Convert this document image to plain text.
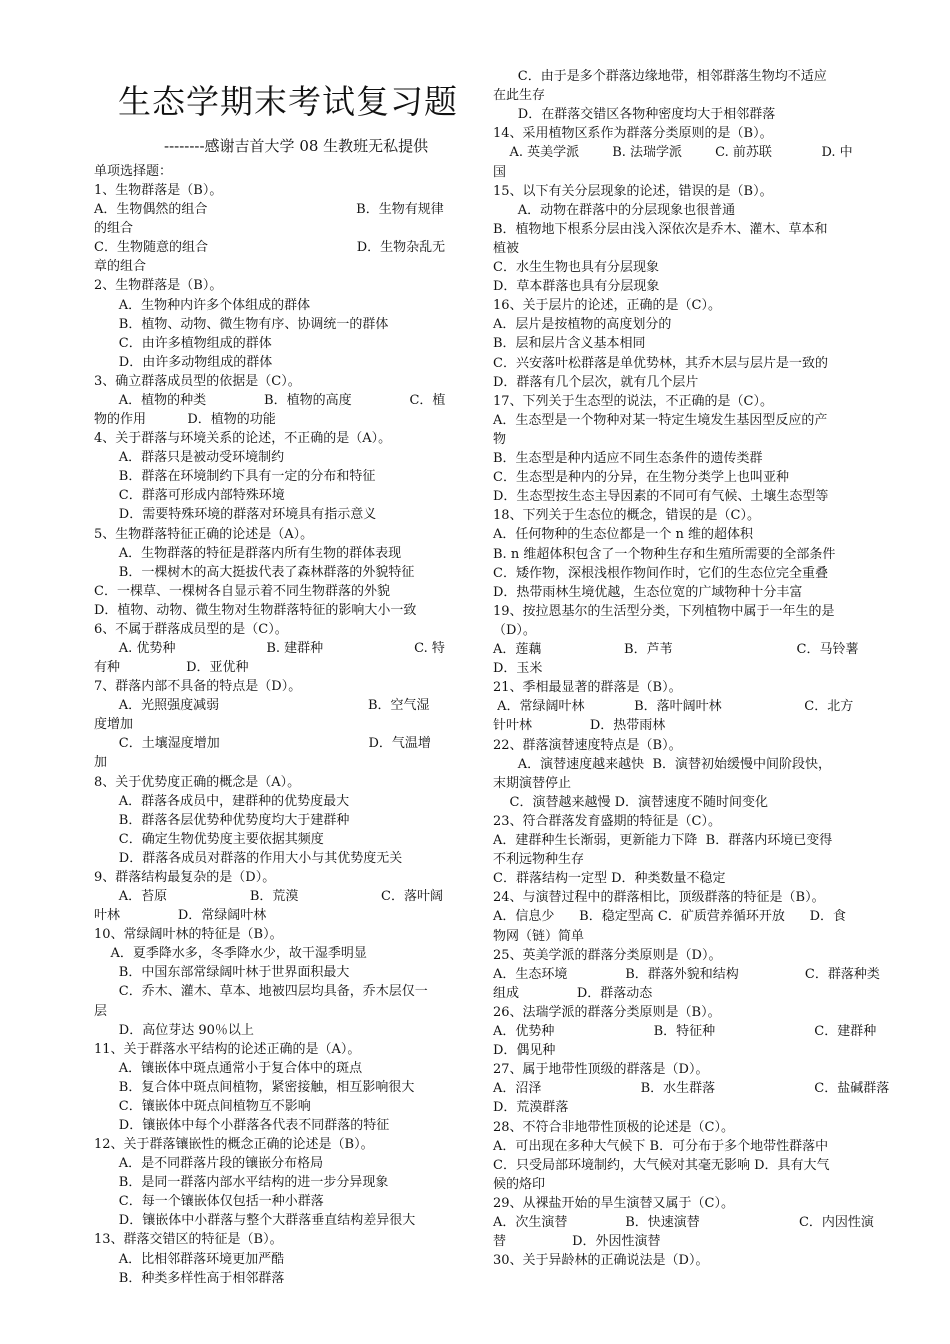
生态学期末考试复习题
--------感谢吉首大学 08 生教班无私提供
单项选择题：
1、生物群落是（B）。
A．生物偶然的组合                                    B．生物有规律
的组合
C．生物随意的组合                                    D．生物杂乱无
章的组合
2、生物群落是（B）。
A．生物种内许多个体组成的群体
B．植物、动物、微生物有序、协调统一的群体
C．由许多植物组成的群体
D．由许多动物组成的群体
3、确立群落成员型的依据是（C）。
A．植物的种类              B．植物的高度              C．植
物的作用          D．植物的功能
4、关于群落与环境关系的论述，不正确的是（A）。
A．群落只是被动受环境制约
B．群落在环境制约下具有一定的分布和特征
C．群落可形成内部特殊环境
D．需要特殊环境的群落对环境具有指示意义
5、生物群落特征正确的论述是（A）。
A．生物群落的特征是群落内所有生物的群体表现
B．一棵树木的高大挺拔代表了森林群落的外貌特征
C．一棵草、一棵树各自显示着不同生物群落的外貌
D．植物、动物、微生物对生物群落特征的影响大小一致
6、不属于群落成员型的是（C）。
A. 优势种                      B. 建群种                      C. 特
有种                D．亚优种
7、群落内部不具备的特点是（D）。
A．光照强度减弱                                    B．空气湿
度增加
C．土壤湿度增加                                    D．气温增
加
8、关于优势度正确的概念是（A）。
A．群落各成员中，建群种的优势度最大
B．群落各层优势种优势度均大于建群种
C．确定生物优势度主要依据其频度
D．群落各成员对群落的作用大小与其优势度无关
9、群落结构最复杂的是（D）。
A．苔原                    B．荒漠                    C．落叶阔
叶林              D．常绿阔叶林
10、常绿阔叶林的特征是（B）。
A．夏季降水多，冬季降水少，故干湿季明显
B．中国东部常绿阔叶林于世界面积最大
C．乔木、灌木、草本、地被四层均具备，乔木层仅一
层
D．高位芽达 90％以上
11、关于群落水平结构的论述正确的是（A）。
A．镶嵌体中斑点通常小于复合体中的斑点
B．复合体中斑点间植物，紧密接触，相互影响很大
C．镶嵌体中斑点间植物互不影响
D．镶嵌体中每个小群落各代表不同群落的特征
12、关于群落镶嵌性的概念正确的论述是（B）。
A．是不同群落片段的镶嵌分布格局
B．是同一群落内部水平结构的进一步分异现象
C．每一个镶嵌体仅包括一种小群落
D．镶嵌体中小群落与整个大群落垂直结构差异很大
13、群落交错区的特征是（B）。
A．比相邻群落环境更加严酷
B．种类多样性高于相邻群落
C．由于是多个群落边缘地带，相邻群落生物均不适应
在此生存
D．在群落交错区各物种密度均大于相邻群落
14、采用植物区系作为群落分类原则的是（B）。
A. 英美学派        B. 法瑞学派        C. 前苏联            D. 中
国
15、以下有关分层现象的论述，错误的是（B）。
A．动物在群落中的分层现象也很普通
B．植物地下根系分层由浅入深依次是乔木、灌木、草本和
植被
C．水生生物也具有分层现象
D．草本群落也具有分层现象
16、关于层片的论述，正确的是（C）。
A．层片是按植物的高度划分的
B．层和层片含义基本相同
C．兴安落叶松群落是单优势林，其乔木层与层片是一致的
D．群落有几个层次，就有几个层片
17、下列关于生态型的说法，不正确的是（C）。
A．生态型是一个物种对某一特定生境发生基因型反应的产
物
B．生态型是种内适应不同生态条件的遗传类群
C．生态型是种内的分异，在生物分类学上也叫亚种
D．生态型按生态主导因素的不同可有气候、土壤生态型等
18、下列关于生态位的概念，错误的是（C）。
A．任何物种的生态位都是一个 n 维的超体积
B. n 维超体积包含了一个物种生存和生殖所需要的全部条件
C．矮作物，深根浅根作物间作时，它们的生态位完全重叠
D．热带雨林生境优越，生态位宽的广域物种十分丰富
19、按拉恩基尔的生活型分类，下列植物中属于一年生的是
（D）。
A．莲藕                    B．芦苇                              C．马铃薯
D．玉米
21、季相最显著的群落是（B）。
A．常绿阔叶林            B．落叶阔叶林                    C．北方
针叶林              D．热带雨林
22、群落演替速度特点是（B）。
A．演替速度越来越快  B．演替初始缓慢中间阶段快，
末期演替停止
C．演替越来越慢 D．演替速度不随时间变化
23、符合群落发育盛期的特征是（C）。
A．建群种生长渐弱，更新能力下降  B．群落内环境已变得
不利远物种生存
C．群落结构一定型 D．种类数量不稳定
24、与演替过程中的群落相比，顶级群落的特征是（B）。
A．信息少      B．稳定型高 C．矿质营养循环开放      D．食
物网（链）简单
25、英美学派的群落分类原则是（D）。
A．生态环境              B．群落外貌和结构                C．群落种类
组成              D．群落动态
26、法瑞学派的群落分类原则是（B）。
A．优势种                        B．特征种                        C．建群种
D．偶见种
27、属于地带性顶级的群落是（D）。
A．沼泽                        B．水生群落                        C．盐碱群落
D．荒漠群落
28、不符合非地带性顶极的论述是（C）。
A．可出现在多种大气候下 B．可分布于多个地带性群落中
C．只受局部环境制约，大气候对其毫无影响 D．具有大气
候的烙印
29、从裸盐开始的旱生演替又属于（C）。
A．次生演替              B．快速演替                        C．内因性演
替                D．外因性演替
30、关于异龄林的正确说法是（D）。
